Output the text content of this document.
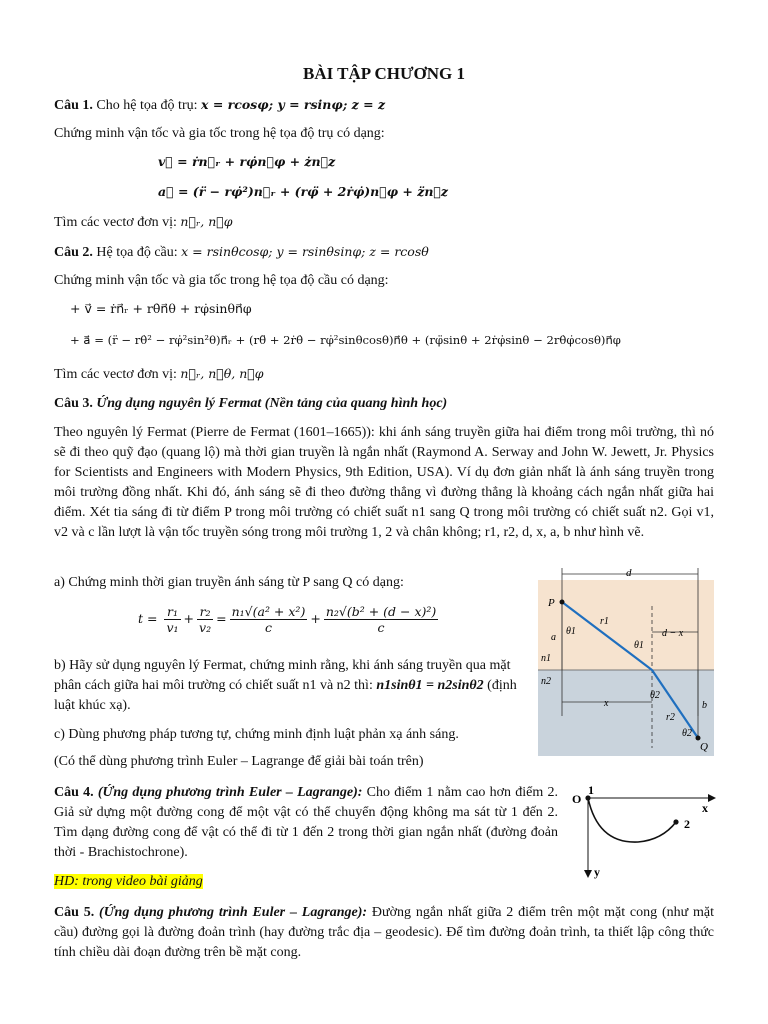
BÀI TẬP CHƯƠNG 1
Câu 1. Cho hệ tọa độ trụ: x = rcosφ; y = rsinφ; z = z
Chứng minh vận tốc và gia tốc trong hệ tọa độ trụ có dạng:
v⃗ = ṙn⃗ᵣ + rφ̇n⃗φ + żn⃗z
a⃗ = (r̈ − rφ̇²)n⃗ᵣ + (rφ̈ + 2ṙφ̇)n⃗φ + z̈n⃗z
Tìm các vectơ đơn vị: n⃗ᵣ, n⃗φ
Câu 2. Hệ tọa độ cầu: x = rsinθcosφ; y = rsinθsinφ; z = rcosθ
Chứng minh vận tốc và gia tốc trong hệ tọa độ cầu có dạng:
+ v⃗ = ṙn⃗ᵣ + rθ̇n⃗θ + rφ̇sinθn⃗φ
+ a⃗ = (r̈ − rθ̇² − rφ̇²sin²θ)n⃗ᵣ + (rθ̈ + 2ṙθ̇ − rφ̇²sinθcosθ)n⃗θ + (rφ̈sinθ + 2ṙφ̇sinθ − 2rθ̇φ̇cosθ)n⃗φ
Tìm các vectơ đơn vị: n⃗ᵣ, n⃗θ, n⃗φ
Câu 3. Ứng dụng nguyên lý Fermat (Nền tảng của quang hình học)
Theo nguyên lý Fermat (Pierre de Fermat (1601–1665)): khi ánh sáng truyền giữa hai điểm trong môi trường, thì nó sẽ đi theo quỹ đạo (quang lộ) mà thời gian truyền là ngắn nhất (Raymond A. Serway and John W. Jewett, Jr. Physics for Scientists and Engineers with Modern Physics, 9th Edition, USA). Ví dụ đơn giản nhất là ánh sáng truyền trong môi trường đồng nhất. Khi đó, ánh sáng sẽ đi theo đường thẳng vì đường thẳng là khoảng cách ngắn nhất giữa hai điểm. Xét tia sáng đi từ điểm P trong môi trường có chiết suất n1 sang Q trong môi trường có chiết suất n2. Gọi v1, v2 và c lần lượt là vận tốc truyền sóng trong môi trường 1, 2 và chân không; r1, r2, d, x, a, b như hình vẽ.
a) Chứng minh thời gian truyền ánh sáng từ P sang Q có dạng:
$t = \frac{\text{r₁}}{\text{v₁}} + \frac{\text{r₂}}{\text{v₂}} = \frac{\text{n₁√(a² + x²)}}{c} + \frac{\text{n₂√(b² + (d − x)²)}}{c}$
b) Hãy sử dụng nguyên lý Fermat, chứng minh rằng, khi ánh sáng truyền qua mặt phân cách giữa hai môi trường có chiết suất n1 và n2 thì: n1sinθ1 = n2sinθ2 (định luật khúc xạ).
c) Dùng phương pháp tương tự, chứng minh định luật phản xạ ánh sáng.
(Có thể dùng phương trình Euler – Lagrange để giải bài toán trên)
d
P
Q
a
b
x
d − x
n1
n2
r1
r2
θ1
θ1
θ2
θ2
Câu 4. (Ứng dụng phương trình Euler – Lagrange): Cho điểm 1 nằm cao hơn điểm 2. Giả sử dựng một đường cong để một vật có thể chuyển động không ma sát từ 1 đến 2. Tìm dạng đường cong để vật có thể đi từ 1 đến 2 trong thời gian ngắn nhất (đường đoản thời - Brachistochrone).
HD: trong video bài giảng
O
1
2
x
y
Câu 5. (Ứng dụng phương trình Euler – Lagrange): Đường ngắn nhất giữa 2 điểm trên một mặt cong (như mặt cầu) đường gọi là đường đoản trình (hay đường trắc địa – geodesic). Để tìm đường đoản trình, ta thiết lập công thức tính chiều dài đoạn đường trên bề mặt cong.
